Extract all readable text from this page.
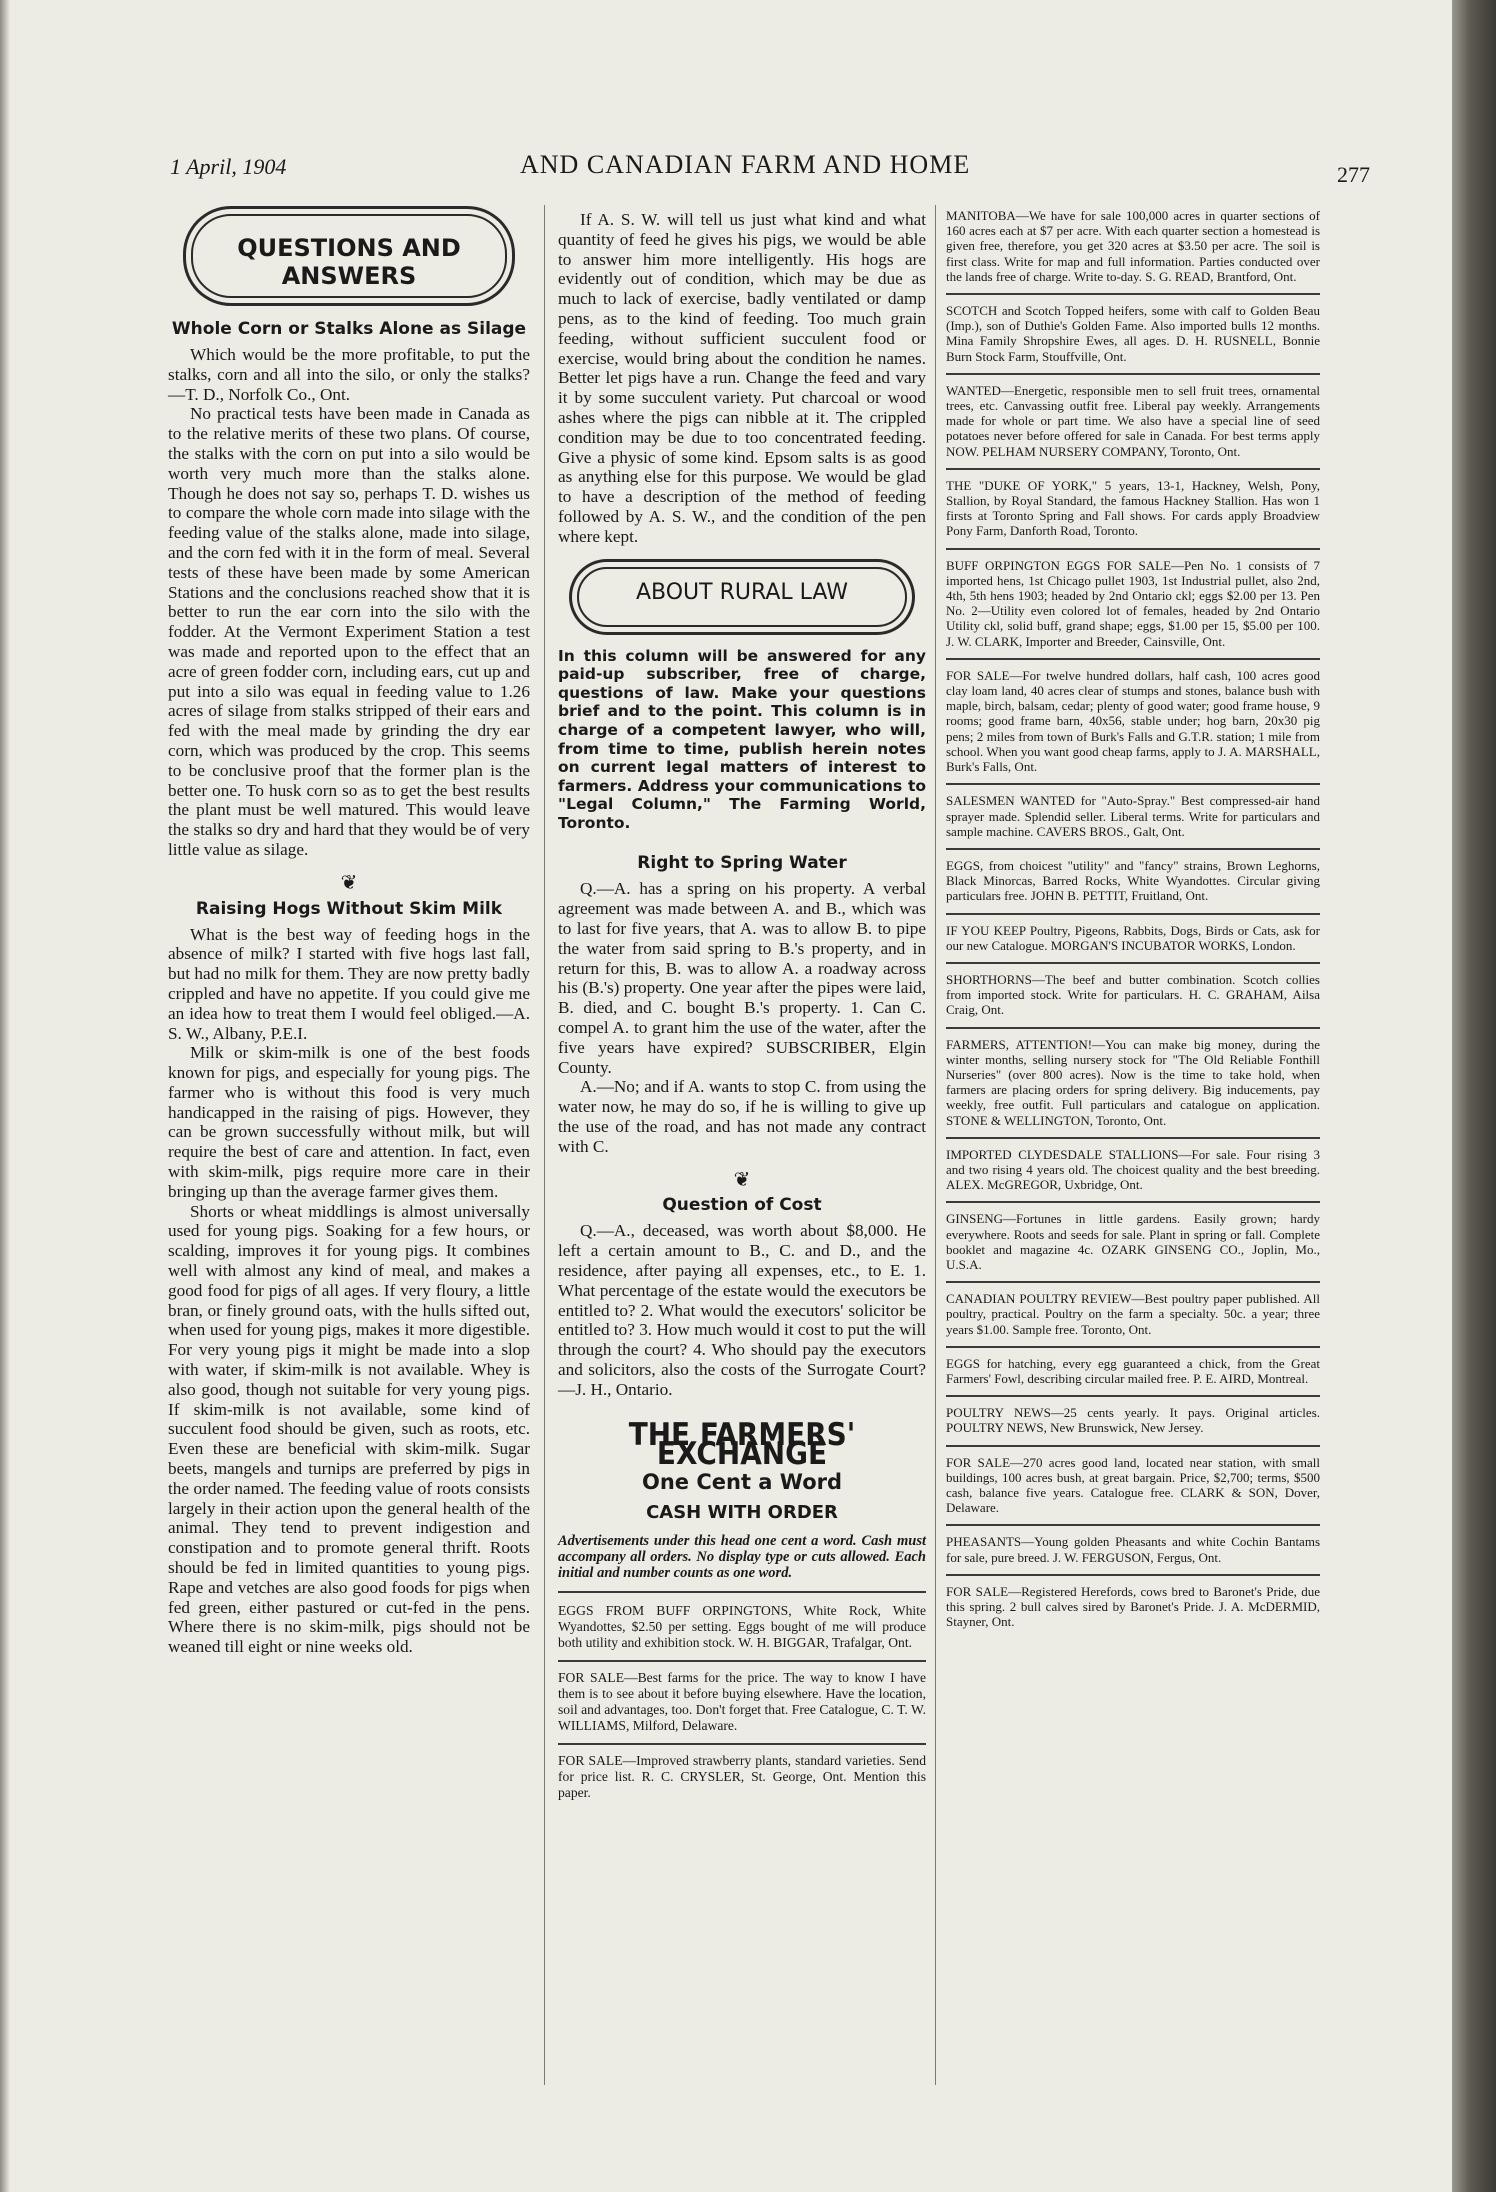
1 April, 1904	AND CANADIAN FARM AND HOME	277
QUESTIONS AND ANSWERS
Whole Corn or Stalks Alone as Silage

Which would be the more profitable, to put the stalks, corn and all into the silo, or only the stalks?—T. D., Norfolk Co., Ont.

No practical tests have been made in Canada as to the relative merits of these two plans. Of course, the stalks with the corn on put into a silo would be worth very much more than the stalks alone. Though he does not say so, perhaps T. D. wishes us to compare the whole corn made into silage with the feeding value of the stalks alone, made into silage, and the corn fed with it in the form of meal. Several tests of these have been made by some American Stations and the conclusions reached show that it is better to run the ear corn into the silo with the fodder. At the Vermont Experiment Station a test was made and reported upon to the effect that an acre of green fodder corn, including ears, cut up and put into a silo was equal in feeding value to 1.26 acres of silage from stalks stripped of their ears and fed with the meal made by grinding the dry ear corn, which was produced by the crop. This seems to be conclusive proof that the former plan is the better one. To husk corn so as to get the best results the plant must be well matured. This would leave the stalks so dry and hard that they would be of very little value as silage.

❦
Raising Hogs Without Skim Milk

What is the best way of feeding hogs in the absence of milk? I started with five hogs last fall, but had no milk for them. They are now pretty badly crippled and have no appetite. If you could give me an idea how to treat them I would feel obliged.—A. S. W., Albany, P.E.I.

Milk or skim-milk is one of the best foods known for pigs, and especially for young pigs. The farmer who is without this food is very much handicapped in the raising of pigs. However, they can be grown successfully without milk, but will require the best of care and attention. In fact, even with skim-milk, pigs require more care in their bringing up than the average farmer gives them.

Shorts or wheat middlings is almost universally used for young pigs. Soaking for a few hours, or scalding, improves it for young pigs. It combines well with almost any kind of meal, and makes a good food for pigs of all ages. If very floury, a little bran, or finely ground oats, with the hulls sifted out, when used for young pigs, makes it more digestible. For very young pigs it might be made into a slop with water, if skim-milk is not available. Whey is also good, though not suitable for very young pigs. If skim-milk is not available, some kind of succulent food should be given, such as roots, etc. Even these are beneficial with skim-milk. Sugar beets, mangels and turnips are preferred by pigs in the order named. The feeding value of roots consists largely in their action upon the general health of the animal. They tend to prevent indigestion and constipation and to promote general thrift. Roots should be fed in limited quantities to young pigs. Rape and vetches are also good foods for pigs when fed green, either pastured or cut-fed in the pens. Where there is no skim-milk, pigs should not be weaned till eight or nine weeks old.

If A. S. W. will tell us just what kind and what quantity of feed he gives his pigs, we would be able to answer him more intelligently. His hogs are evidently out of condition, which may be due as much to lack of exercise, badly ventilated or damp pens, as to the kind of feeding. Too much grain feeding, without sufficient succulent food or exercise, would bring about the condition he names. Better let pigs have a run. Change the feed and vary it by some succulent variety. Put charcoal or wood ashes where the pigs can nibble at it. The crippled condition may be due to too concentrated feeding. Give a physic of some kind. Epsom salts is as good as anything else for this purpose. We would be glad to have a description of the method of feeding followed by A. S. W., and the condition of the pen where kept.

ABOUT RURAL LAW
In this column will be answered for any paid-up subscriber, free of charge, questions of law. Make your questions brief and to the point. This column is in charge of a competent lawyer, who will, from time to time, publish herein notes on current legal matters of interest to farmers. Address your communications to "Legal Column," The Farming World, Toronto.
Right to Spring Water

Q.—A. has a spring on his property. A verbal agreement was made between A. and B., which was to last for five years, that A. was to allow B. to pipe the water from said spring to B.'s property, and in return for this, B. was to allow A. a roadway across his (B.'s) property. One year after the pipes were laid, B. died, and C. bought B.'s property. 1. Can C. compel A. to grant him the use of the water, after the five years have expired? SUBSCRIBER, Elgin County.

A.—No; and if A. wants to stop C. from using the water now, he may do so, if he is willing to give up the use of the road, and has not made any contract with C.

❦
Question of Cost

Q.—A., deceased, was worth about $8,000. He left a certain amount to B., C. and D., and the residence, after paying all expenses, etc., to E. 1. What percentage of the estate would the executors be entitled to? 2. What would the executors' solicitor be entitled to? 3. How much would it cost to put the will through the court? 4. Who should pay the executors and solicitors, also the costs of the Surrogate Court?—J. H., Ontario.

THE FARMERS' EXCHANGE
One Cent a Word
CASH WITH ORDER
Advertisements under this head one cent a word. Cash must accompany all orders. No display type or cuts allowed. Each initial and number counts as one word.
EGGS FROM BUFF ORPINGTONS, White Rock, White Wyandottes, $2.50 per setting. Eggs bought of me will produce both utility and exhibition stock. W. H. BIGGAR, Trafalgar, Ont.
FOR SALE—Best farms for the price. The way to know I have them is to see about it before buying elsewhere. Have the location, soil and advantages, too. Don't forget that. Free Catalogue, C. T. W. WILLIAMS, Milford, Delaware.
FOR SALE—Improved strawberry plants, standard varieties. Send for price list. R. C. CRYSLER, St. George, Ont. Mention this paper.
MANITOBA—We have for sale 100,000 acres in quarter sections of 160 acres each at $7 per acre. With each quarter section a homestead is given free, therefore, you get 320 acres at $3.50 per acre. The soil is first class. Write for map and full information. Parties conducted over the lands free of charge. Write to-day. S. G. READ, Brantford, Ont.
SCOTCH and Scotch Topped heifers, some with calf to Golden Beau (Imp.), son of Duthie's Golden Fame. Also imported bulls 12 months. Mina Family Shropshire Ewes, all ages. D. H. RUSNELL, Bonnie Burn Stock Farm, Stouffville, Ont.
WANTED—Energetic, responsible men to sell fruit trees, ornamental trees, etc. Canvassing outfit free. Liberal pay weekly. Arrangements made for whole or part time. We also have a special line of seed potatoes never before offered for sale in Canada. For best terms apply NOW. PELHAM NURSERY COMPANY, Toronto, Ont.
THE "DUKE OF YORK," 5 years, 13-1, Hackney, Welsh, Pony, Stallion, by Royal Standard, the famous Hackney Stallion. Has won 1 firsts at Toronto Spring and Fall shows. For cards apply Broadview Pony Farm, Danforth Road, Toronto.
BUFF ORPINGTON EGGS FOR SALE—Pen No. 1 consists of 7 imported hens, 1st Chicago pullet 1903, 1st Industrial pullet, also 2nd, 4th, 5th hens 1903; headed by 2nd Ontario ckl; eggs $2.00 per 13. Pen No. 2—Utility even colored lot of females, headed by 2nd Ontario Utility ckl, solid buff, grand shape; eggs, $1.00 per 15, $5.00 per 100. J. W. CLARK, Importer and Breeder, Cainsville, Ont.
FOR SALE—For twelve hundred dollars, half cash, 100 acres good clay loam land, 40 acres clear of stumps and stones, balance bush with maple, birch, balsam, cedar; plenty of good water; good frame house, 9 rooms; good frame barn, 40x56, stable under; hog barn, 20x30 pig pens; 2 miles from town of Burk's Falls and G.T.R. station; 1 mile from school. When you want good cheap farms, apply to J. A. MARSHALL, Burk's Falls, Ont.
SALESMEN WANTED for "Auto-Spray." Best compressed-air hand sprayer made. Splendid seller. Liberal terms. Write for particulars and sample machine. CAVERS BROS., Galt, Ont.
EGGS, from choicest "utility" and "fancy" strains, Brown Leghorns, Black Minorcas, Barred Rocks, White Wyandottes. Circular giving particulars free. JOHN B. PETTIT, Fruitland, Ont.
IF YOU KEEP Poultry, Pigeons, Rabbits, Dogs, Birds or Cats, ask for our new Catalogue. MORGAN'S INCUBATOR WORKS, London.
SHORTHORNS—The beef and butter combination. Scotch collies from imported stock. Write for particulars. H. C. GRAHAM, Ailsa Craig, Ont.
FARMERS, ATTENTION!—You can make big money, during the winter months, selling nursery stock for "The Old Reliable Fonthill Nurseries" (over 800 acres). Now is the time to take hold, when farmers are placing orders for spring delivery. Big inducements, pay weekly, free outfit. Full particulars and catalogue on application. STONE & WELLINGTON, Toronto, Ont.
IMPORTED CLYDESDALE STALLIONS—For sale. Four rising 3 and two rising 4 years old. The choicest quality and the best breeding. ALEX. McGREGOR, Uxbridge, Ont.
GINSENG—Fortunes in little gardens. Easily grown; hardy everywhere. Roots and seeds for sale. Plant in spring or fall. Complete booklet and magazine 4c. OZARK GINSENG CO., Joplin, Mo., U.S.A.
CANADIAN POULTRY REVIEW—Best poultry paper published. All poultry, practical. Poultry on the farm a specialty. 50c. a year; three years $1.00. Sample free. Toronto, Ont.
EGGS for hatching, every egg guaranteed a chick, from the Great Farmers' Fowl, describing circular mailed free. P. E. AIRD, Montreal.
POULTRY NEWS—25 cents yearly. It pays. Original articles. POULTRY NEWS, New Brunswick, New Jersey.
FOR SALE—270 acres good land, located near station, with small buildings, 100 acres bush, at great bargain. Price, $2,700; terms, $500 cash, balance five years. Catalogue free. CLARK & SON, Dover, Delaware.
PHEASANTS—Young golden Pheasants and white Cochin Bantams for sale, pure breed. J. W. FERGUSON, Fergus, Ont.
FOR SALE—Registered Herefords, cows bred to Baronet's Pride, due this spring. 2 bull calves sired by Baronet's Pride. J. A. McDERMID, Stayner, Ont.
